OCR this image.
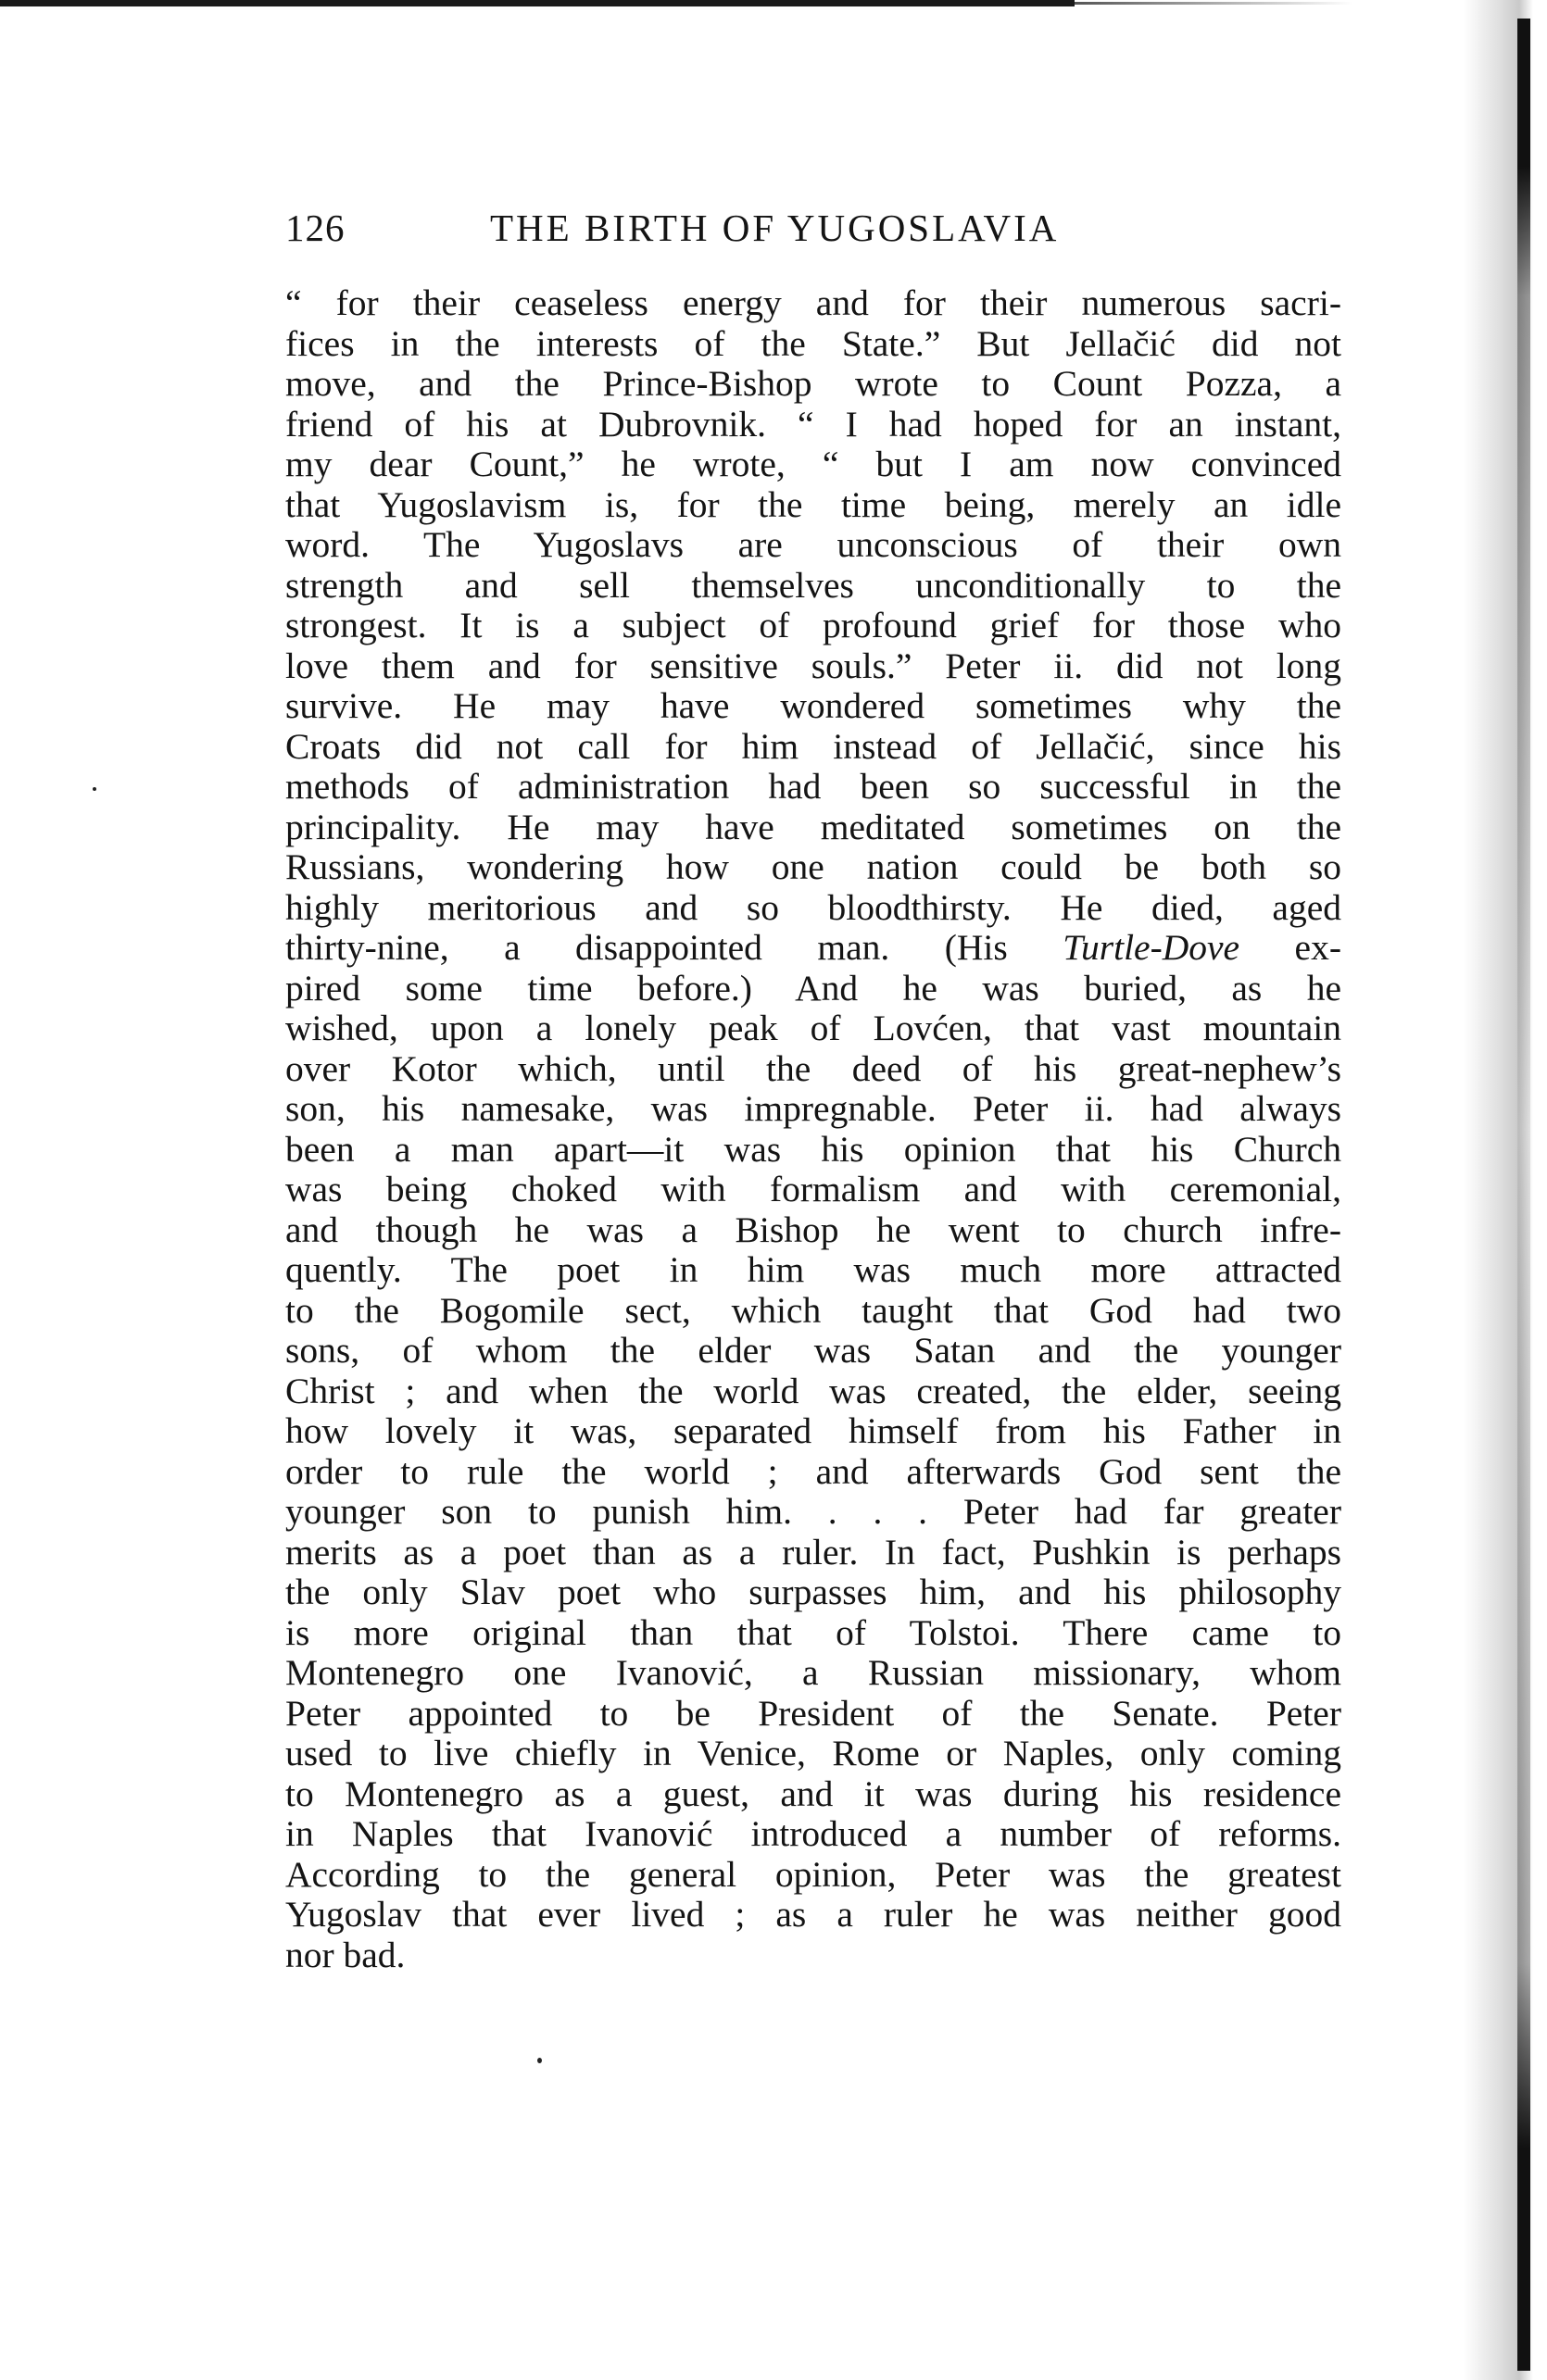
126	THE BIRTH OF YUGOSLAVIA
“ for their ceaseless energy and for their numerous sacri-
fices in the interests of the State.” But Jellačić did not
move, and the Prince-Bishop wrote to Count Pozza, a
friend of his at Dubrovnik. “ I had hoped for an instant,
my dear Count,” he wrote, “ but I am now convinced
that Yugoslavism is, for the time being, merely an idle
word. The Yugoslavs are unconscious of their own
strength and sell themselves unconditionally to the
strongest. It is a subject of profound grief for those who
love them and for sensitive souls.” Peter ii. did not long
survive. He may have wondered sometimes why the
Croats did not call for him instead of Jellačić, since his
methods of administration had been so successful in the
principality. He may have meditated sometimes on the
Russians, wondering how one nation could be both so
highly meritorious and so bloodthirsty. He died, aged
thirty-nine, a disappointed man. (His Turtle-Dove ex-
pired some time before.) And he was buried, as he
wished, upon a lonely peak of Lovćen, that vast mountain
over Kotor which, until the deed of his great-nephew’s
son, his namesake, was impregnable. Peter ii. had always
been a man apart—it was his opinion that his Church
was being choked with formalism and with ceremonial,
and though he was a Bishop he went to church infre-
quently. The poet in him was much more attracted
to the Bogomile sect, which taught that God had two
sons, of whom the elder was Satan and the younger
Christ ; and when the world was created, the elder, seeing
how lovely it was, separated himself from his Father in
order to rule the world ; and afterwards God sent the
younger son to punish him. . . . Peter had far greater
merits as a poet than as a ruler. In fact, Pushkin is perhaps
the only Slav poet who surpasses him, and his philosophy
is more original than that of Tolstoi. There came to
Montenegro one Ivanović, a Russian missionary, whom
Peter appointed to be President of the Senate. Peter
used to live chiefly in Venice, Rome or Naples, only coming
to Montenegro as a guest, and it was during his residence
in Naples that Ivanović introduced a number of reforms.
According to the general opinion, Peter was the greatest
Yugoslav that ever lived ; as a ruler he was neither good
nor bad.
